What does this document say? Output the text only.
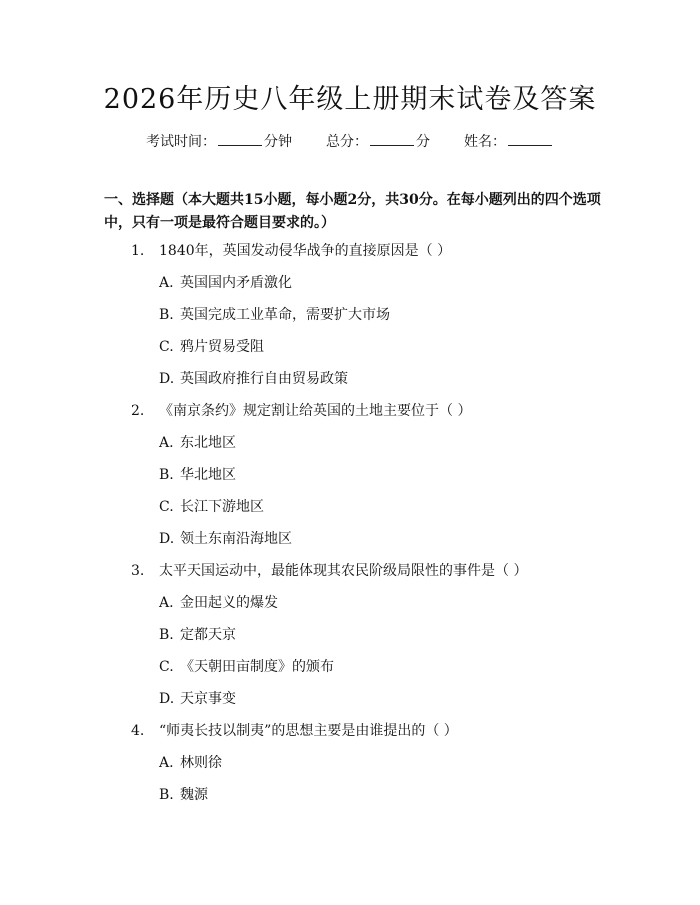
2026年历史八年级上册期末试卷及答案
考试时间：	分钟 总分：	分 姓名：
一、选择题（本大题共15小题，每小题2分，共30分。在每小题列出的四个选项中，只有一项是最符合题目要求的。）
1. 1840年，英国发动侵华战争的直接原因是（ ）
A. 英国国内矛盾激化
B. 英国完成工业革命，需要扩大市场
C. 鸦片贸易受阻
D. 英国政府推行自由贸易政策
2. 《南京条约》规定割让给英国的土地主要位于（ ）
A. 东北地区
B. 华北地区
C. 长江下游地区
D. 领土东南沿海地区
3. 太平天国运动中，最能体现其农民阶级局限性的事件是（ ）
A. 金田起义的爆发
B. 定都天京
C. 《天朝田亩制度》的颁布
D. 天京事变
4. “师夷长技以制夷”的思想主要是由谁提出的（ ）
A. 林则徐
B. 魏源
